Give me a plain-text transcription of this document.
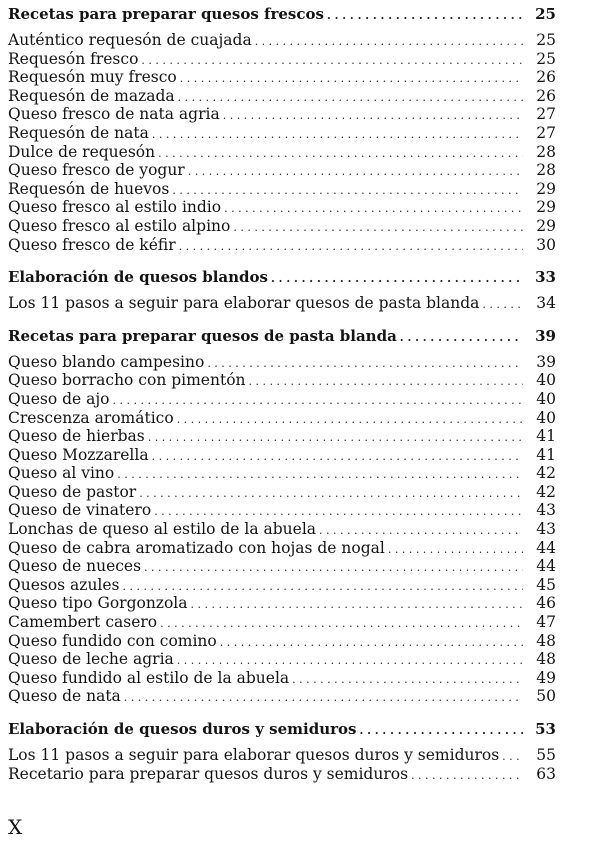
Recetas para preparar quesos frescos . . .	25
Auténtico requesón de cuajada . . .	25
Requesón fresco . . .	25
Requesón muy fresco . . .	26
Requesón de mazada . . .	26
Queso fresco de nata agria . . .	27
Requesón de nata . . .	27
Dulce de requesón . . .	28
Queso fresco de yogur . . .	28
Requesón de huevos . . .	29
Queso fresco al estilo indio . . .	29
Queso fresco al estilo alpino . . .	29
Queso fresco de kéfir . . .	30
Elaboración de quesos blandos . . .	33
Los 11 pasos a seguir para elaborar quesos de pasta blanda . . .	34
Recetas para preparar quesos de pasta blanda . . .	39
Queso blando campesino . . .	39
Queso borracho con pimentón . . .	40
Queso de ajo . . .	40
Crescenza aromático . . .	40
Queso de hierbas . . .	41
Queso Mozzarella . . .	41
Queso al vino . . .	42
Queso de pastor . . .	42
Queso de vinatero . . .	43
Lonchas de queso al estilo de la abuela . . .	43
Queso de cabra aromatizado con hojas de nogal . . .	44
Queso de nueces . . .	44
Quesos azules . . .	45
Queso tipo Gorgonzola . . .	46
Camembert casero . . .	47
Queso fundido con comino . . .	48
Queso de leche agria . . .	48
Queso fundido al estilo de la abuela . . .	49
Queso de nata . . .	50
Elaboración de quesos duros y semiduros . . .	53
Los 11 pasos a seguir para elaborar quesos duros y semiduros . . .	55
Recetario para preparar quesos duros y semiduros . . .	63
X
